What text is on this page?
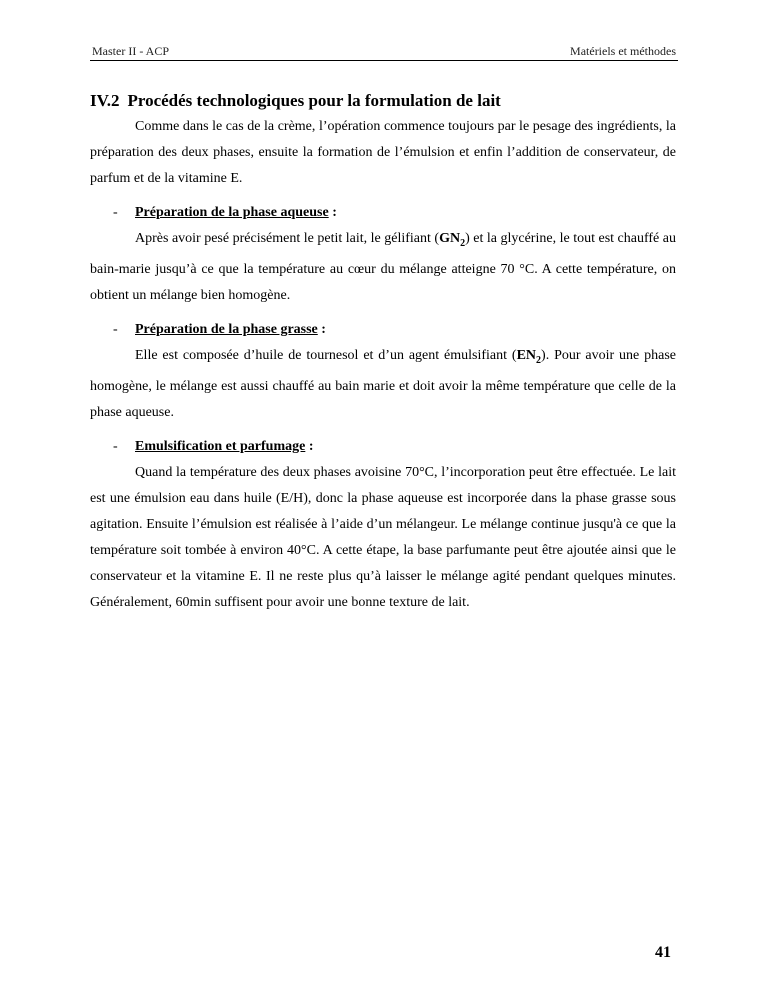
Master II - ACP	Matériels et méthodes
IV.2 Procédés technologiques pour la formulation de lait

Comme dans le cas de la crème, l’opération commence toujours par le pesage des ingrédients, la préparation des deux phases, ensuite la formation de l’émulsion et enfin l’addition de conservateur, de parfum et de la vitamine E.

- Préparation de la phase aqueuse :

Après avoir pesé précisément le petit lait, le gélifiant $(GN_2)$ et la glycérine, le tout est chauffé au bain-marie jusqu’à ce que la température au cœur du mélange atteigne 70 °C. A cette température, on obtient un mélange bien homogène.

- Préparation de la phase grasse :

Elle est composée d’huile de tournesol et d’un agent émulsifiant $(EN_2)$. Pour avoir une phase homogène, le mélange est aussi chauffé au bain marie et doit avoir la même température que celle de la phase aqueuse.

- Emulsification et parfumage :

Quand la température des deux phases avoisine 70°C, l’incorporation peut être effectuée. Le lait est une émulsion eau dans huile (E/H), donc la phase aqueuse est incorporée dans la phase grasse sous agitation. Ensuite l’émulsion est réalisée à l’aide d’un mélangeur. Le mélange continue jusqu'à ce que la température soit tombée à environ 40°C. A cette étape, la base parfumante peut être ajoutée ainsi que le conservateur et la vitamine E. Il ne reste plus qu’à laisser le mélange agité pendant quelques minutes. Généralement, 60min suffisent pour avoir une bonne texture de lait.

41
